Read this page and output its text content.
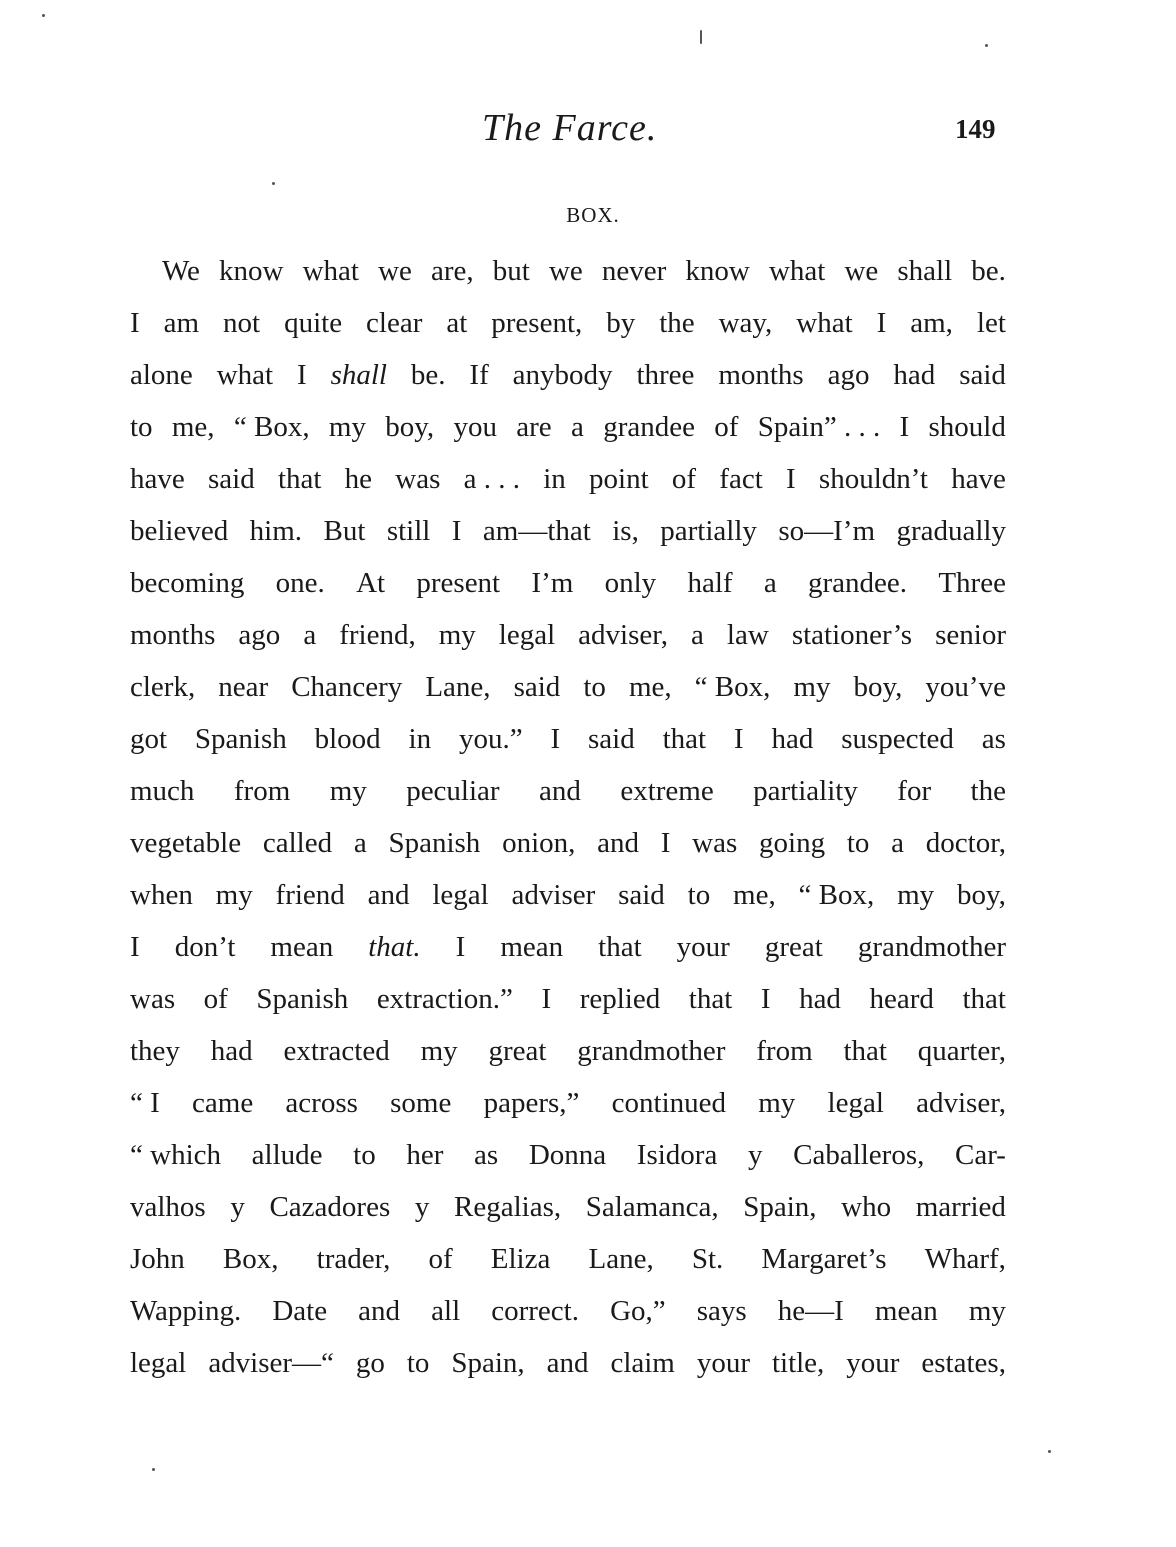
The Farce.	149
BOX.
We know what we are, but we never know what we shall be.
I am not quite clear at present, by the way, what I am, let
alone what I shall be. If anybody three months ago had said
to me, “ Box, my boy, you are a grandee of Spain” . . . I should
have said that he was a . . . in point of fact I shouldn’t have
believed him. But still I am—that is, partially so—I’m gradually
becoming one. At present I’m only half a grandee. Three
months ago a friend, my legal adviser, a law stationer’s senior
clerk, near Chancery Lane, said to me, “ Box, my boy, you’ve
got Spanish blood in you.” I said that I had suspected as
much from my peculiar and extreme partiality for the
vegetable called a Spanish onion, and I was going to a doctor,
when my friend and legal adviser said to me, “ Box, my boy,
I don’t mean that. I mean that your great grandmother
was of Spanish extraction.” I replied that I had heard that
they had extracted my great grandmother from that quarter,
“ I came across some papers,” continued my legal adviser,
“ which allude to her as Donna Isidora y Caballeros, Car-
valhos y Cazadores y Regalias, Salamanca, Spain, who married
John Box, trader, of Eliza Lane, St. Margaret’s Wharf,
Wapping. Date and all correct. Go,” says he—I mean my
legal adviser—“ go to Spain, and claim your title, your estates,
